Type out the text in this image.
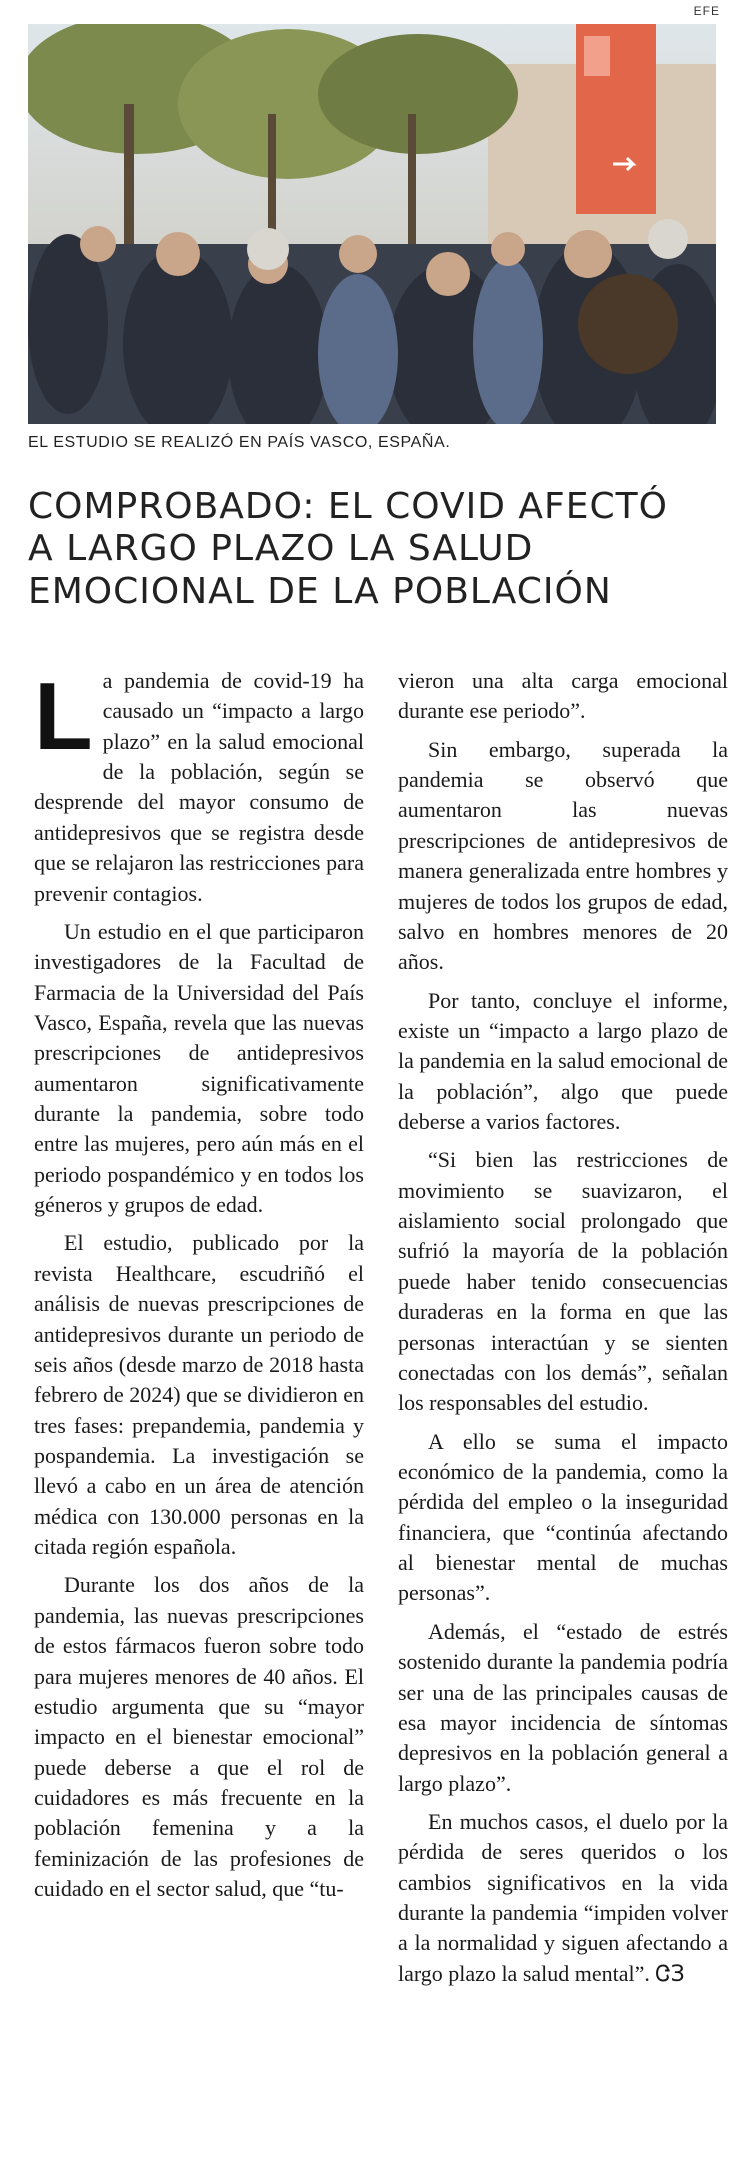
EFE
EL ESTUDIO SE REALIZÓ EN PAÍS VASCO, ESPAÑA.
COMPROBADO: EL COVID AFECTÓ
A LARGO PLAZO LA SALUD
EMOCIONAL DE LA POBLACIÓN

La pandemia de covid-19 ha causado un “impacto a largo plazo” en la salud emocional de la población, según se desprende del mayor consumo de antidepresivos que se registra desde que se relajaron las restricciones para prevenir contagios.

Un estudio en el que participaron investigadores de la Facultad de Farmacia de la Universidad del País Vasco, España, revela que las nuevas prescripciones de antidepresivos aumentaron significativamente durante la pandemia, sobre todo entre las mujeres, pero aún más en el periodo pospandémico y en todos los géneros y grupos de edad.

El estudio, publicado por la revista Healthcare, escudriñó el análisis de nuevas prescripciones de antidepresivos durante un periodo de seis años (desde marzo de 2018 hasta febrero de 2024) que se dividieron en tres fases: prepandemia, pandemia y pospandemia. La investigación se llevó a cabo en un área de atención médica con 130.000 personas en la citada región española.

Durante los dos años de la pandemia, las nuevas prescripciones de estos fármacos fueron sobre todo para mujeres menores de 40 años. El estudio argumenta que su “mayor impacto en el bienestar emocional” puede deberse a que el rol de cuidadores es más frecuente en la población femenina y a la feminización de las profesiones de cuidado en el sector salud, que “tu-

vieron una alta carga emocional durante ese periodo”.

Sin embargo, superada la pandemia se observó que aumentaron las nuevas prescripciones de antidepresivos de manera generalizada entre hombres y mujeres de todos los grupos de edad, salvo en hombres menores de 20 años.

Por tanto, concluye el informe, existe un “impacto a largo plazo de la pandemia en la salud emocional de la población”, algo que puede deberse a varios factores.

“Si bien las restricciones de movimiento se suavizaron, el aislamiento social prolongado que sufrió la mayoría de la población puede haber tenido consecuencias duraderas en la forma en que las personas interactúan y se sienten conectadas con los demás”, señalan los responsables del estudio.

A ello se suma el impacto económico de la pandemia, como la pérdida del empleo o la inseguridad financiera, que “continúa afectando al bienestar mental de muchas personas”.

Además, el “estado de estrés sostenido durante la pandemia podría ser una de las principales causas de esa mayor incidencia de síntomas depresivos en la población general a largo plazo”.

En muchos casos, el duelo por la pérdida de seres queridos o los cambios significativos en la vida durante la pandemia “impiden volver a la normalidad y siguen afectando a largo plazo la salud mental”. ᏣЗ
